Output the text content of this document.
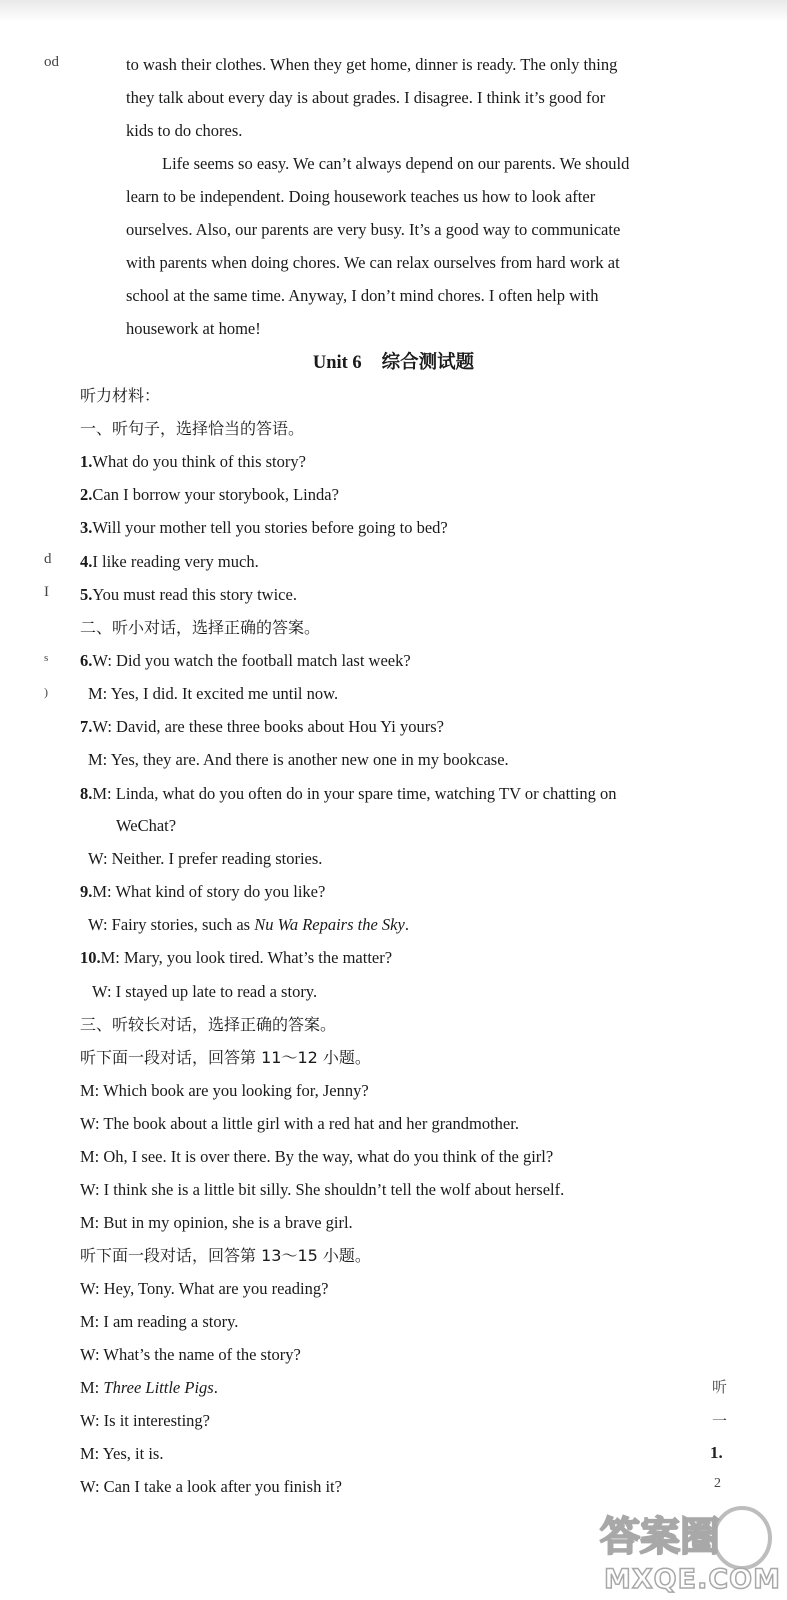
od
d
I
s
)
听
一
1.
2
to wash their clothes. When they get home, dinner is ready. The only thing
they talk about every day is about grades. I disagree. I think it’s good for
kids to do chores.
Life seems so easy. We can’t always depend on our parents. We should
learn to be independent. Doing housework teaches us how to look after
ourselves. Also, our parents are very busy. It’s a good way to communicate
with parents when doing chores. We can relax ourselves from hard work at
school at the same time. Anyway, I don’t mind chores. I often help with
housework at home!
Unit 6 综合测试题
听力材料：
一、听句子，选择恰当的答语。
1.What do you think of this story?
2.Can I borrow your storybook, Linda?
3.Will your mother tell you stories before going to bed?
4.I like reading very much.
5.You must read this story twice.
二、听小对话，选择正确的答案。
6.W: Did you watch the football match last week?
M: Yes, I did. It excited me until now.
7.W: David, are these three books about Hou Yi yours?
M: Yes, they are. And there is another new one in my bookcase.
8.M: Linda, what do you often do in your spare time, watching TV or chatting on
WeChat?
W: Neither. I prefer reading stories.
9.M: What kind of story do you like?
W: Fairy stories, such as Nu Wa Repairs the Sky.
10.M: Mary, you look tired. What’s the matter?
W: I stayed up late to read a story.
三、听较长对话，选择正确的答案。
听下面一段对话，回答第 11～12 小题。
M: Which book are you looking for, Jenny?
W: The book about a little girl with a red hat and her grandmother.
M: Oh, I see. It is over there. By the way, what do you think of the girl?
W: I think she is a little bit silly. She shouldn’t tell the wolf about herself.
M: But in my opinion, she is a brave girl.
听下面一段对话，回答第 13～15 小题。
W: Hey, Tony. What are you reading?
M: I am reading a story.
W: What’s the name of the story?
M: Three Little Pigs.
W: Is it interesting?
M: Yes, it is.
W: Can I take a look after you finish it?
答案圈
MXQE.COM
